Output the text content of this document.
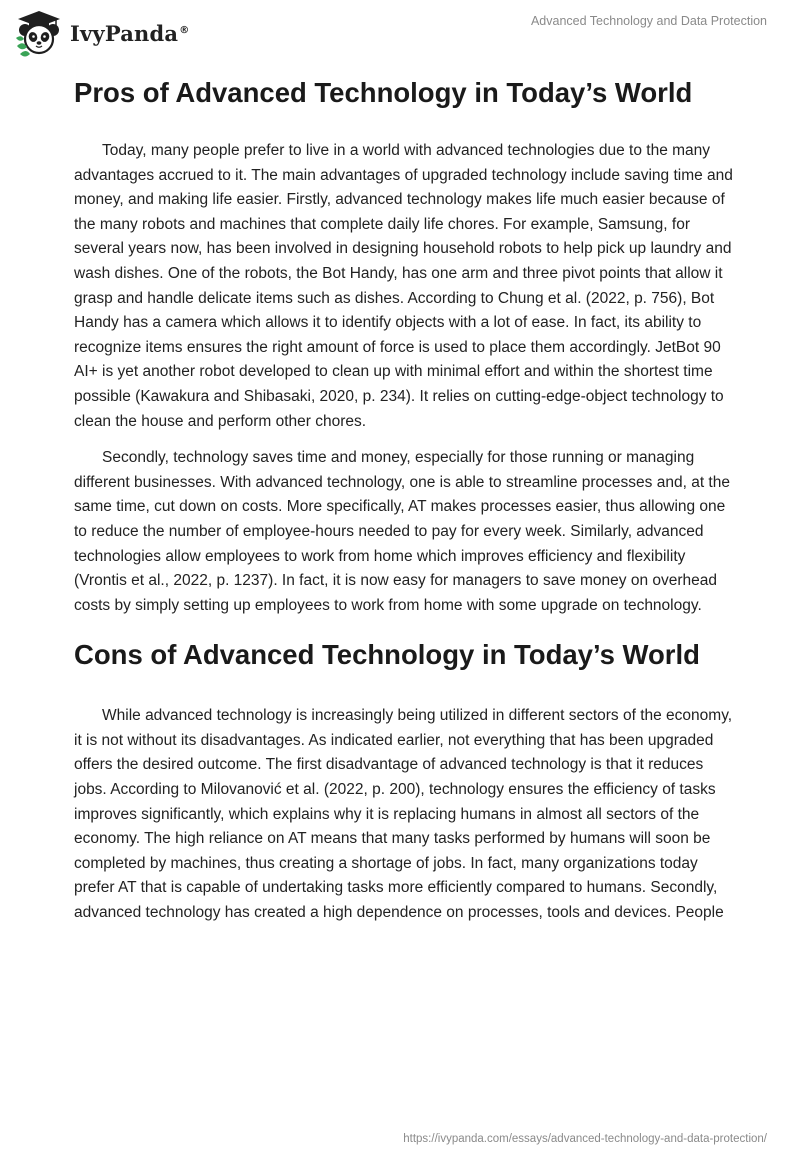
IvyPanda®
Advanced Technology and Data Protection
Pros of Advanced Technology in Today’s World

Today, many people prefer to live in a world with advanced technologies due to the many advantages accrued to it. The main advantages of upgraded technology include saving time and money, and making life easier. Firstly, advanced technology makes life much easier because of the many robots and machines that complete daily life chores. For example, Samsung, for several years now, has been involved in designing household robots to help pick up laundry and wash dishes. One of the robots, the Bot Handy, has one arm and three pivot points that allow it grasp and handle delicate items such as dishes. According to Chung et al. (2022, p. 756), Bot Handy has a camera which allows it to identify objects with a lot of ease. In fact, its ability to recognize items ensures the right amount of force is used to place them accordingly. JetBot 90 AI+ is yet another robot developed to clean up with minimal effort and within the shortest time possible (Kawakura and Shibasaki, 2020, p. 234). It relies on cutting-edge-object technology to clean the house and perform other chores.

Secondly, technology saves time and money, especially for those running or managing different businesses. With advanced technology, one is able to streamline processes and, at the same time, cut down on costs. More specifically, AT makes processes easier, thus allowing one to reduce the number of employee-hours needed to pay for every week. Similarly, advanced technologies allow employees to work from home which improves efficiency and flexibility (Vrontis et al., 2022, p. 1237). In fact, it is now easy for managers to save money on overhead costs by simply setting up employees to work from home with some upgrade on technology.

Cons of Advanced Technology in Today’s World

While advanced technology is increasingly being utilized in different sectors of the economy, it is not without its disadvantages. As indicated earlier, not everything that has been upgraded offers the desired outcome. The first disadvantage of advanced technology is that it reduces jobs. According to Milovanović et al. (2022, p. 200), technology ensures the efficiency of tasks improves significantly, which explains why it is replacing humans in almost all sectors of the economy. The high reliance on AT means that many tasks performed by humans will soon be completed by machines, thus creating a shortage of jobs. In fact, many organizations today prefer AT that is capable of undertaking tasks more efficiently compared to humans. Secondly, advanced technology has created a high dependence on processes, tools and devices. People

https://ivypanda.com/essays/advanced-technology-and-data-protection/
